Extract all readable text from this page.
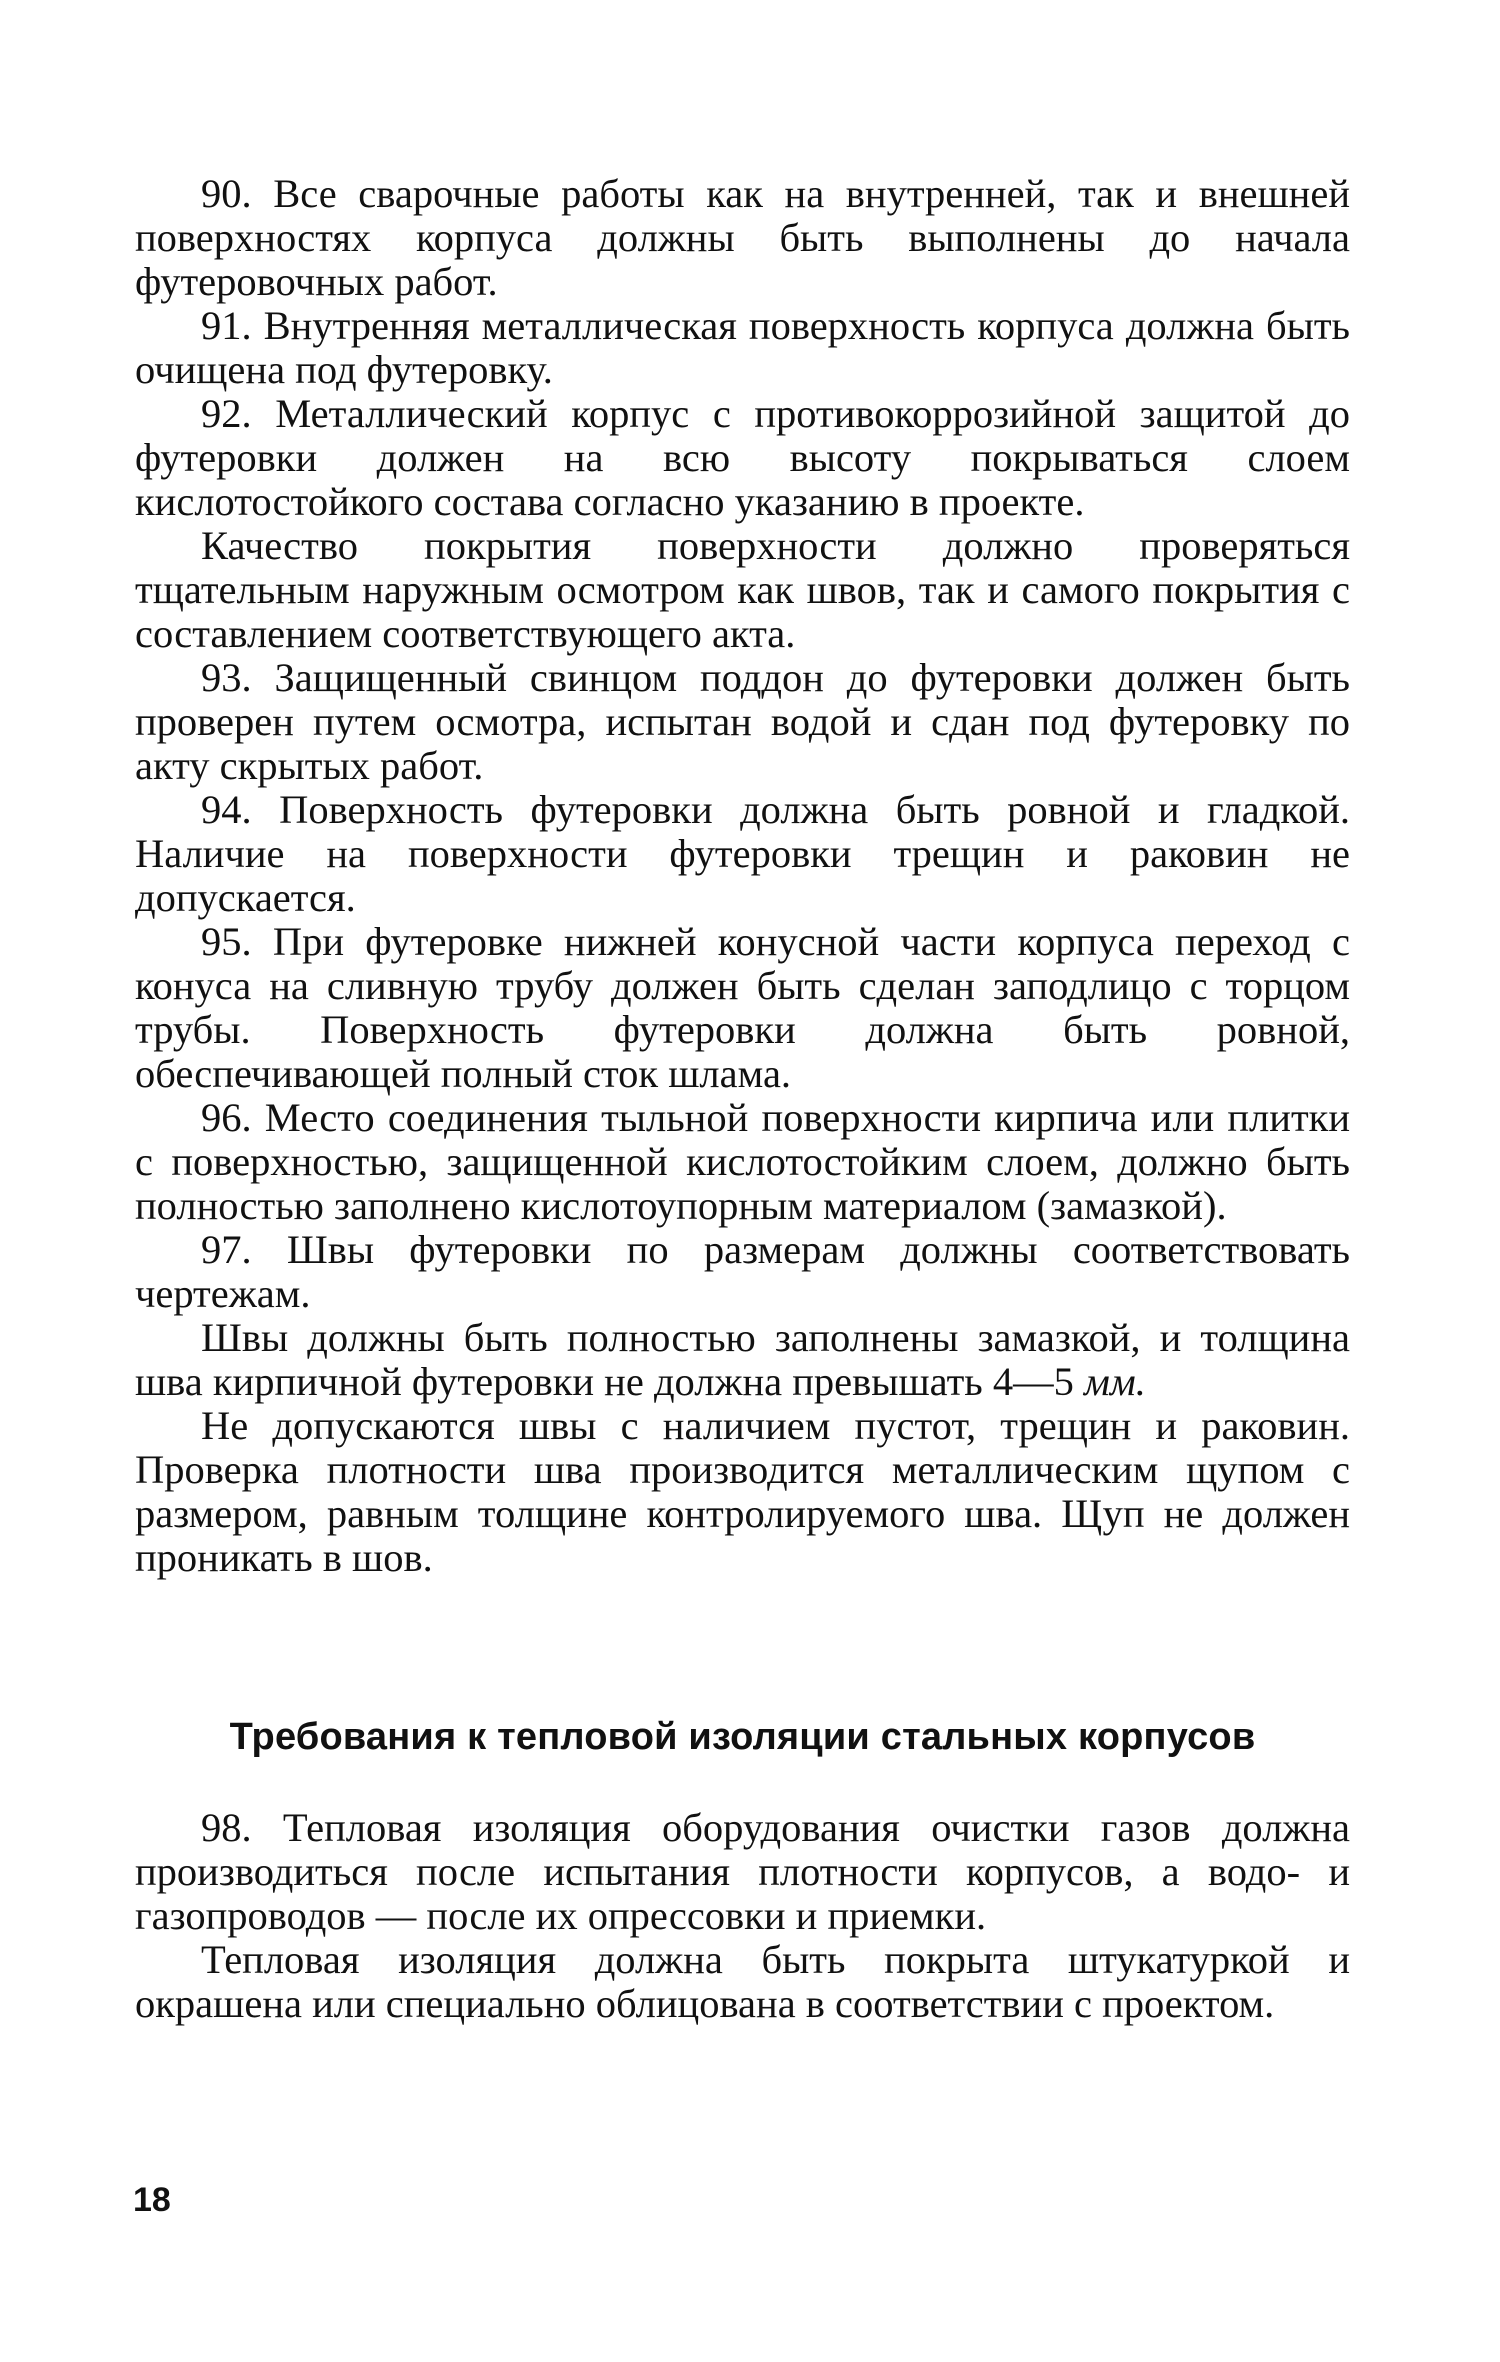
90. Все сварочные работы как на внутренней, так и внешней поверхностях корпуса должны быть выполнены до начала футеровочных работ.

91. Внутренняя металлическая поверхность корпуса должна быть очищена под футеровку.

92. Металлический корпус с противокоррозийной защитой до футеровки должен на всю высоту покрываться слоем кислотостойкого состава согласно указанию в проекте.

Качество покрытия поверхности должно проверяться тщательным наружным осмотром как швов, так и самого покрытия с составлением соответствующего акта.

93. Защищенный свинцом поддон до футеровки должен быть проверен путем осмотра, испытан водой и сдан под футеровку по акту скрытых работ.

94. Поверхность футеровки должна быть ровной и гладкой. Наличие на поверхности футеровки трещин и раковин не допускается.

95. При футеровке нижней конусной части корпуса переход с конуса на сливную трубу должен быть сделан заподлицо с торцом трубы. Поверхность футеровки должна быть ровной, обеспечивающей полный сток шлама.

96. Место соединения тыльной поверхности кирпича или плитки с поверхностью, защищенной кислотостойким слоем, должно быть полностью заполнено кислотоупорным материалом (замазкой).

97. Швы футеровки по размерам должны соответствовать чертежам.

Швы должны быть полностью заполнены замазкой, и толщина шва кирпичной футеровки не должна превышать 4—5 мм.

Не допускаются швы с наличием пустот, трещин и раковин. Проверка плотности шва производится металлическим щупом с размером, равным толщине контролируемого шва. Щуп не должен проникать в шов.

Требования к тепловой изоляции стальных корпусов

98. Тепловая изоляция оборудования очистки газов должна производиться после испытания плотности корпусов, а водо- и газопроводов — после их опрессовки и приемки.

Тепловая изоляция должна быть покрыта штукатуркой и окрашена или специально облицована в соответствии с проектом.

18
